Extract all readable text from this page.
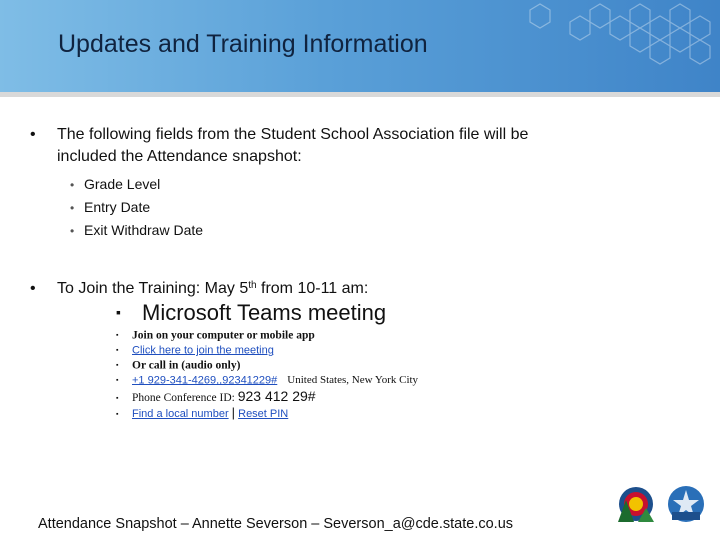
Updates and Training Information
• The following fields from the Student School Association file will be
included the Attendance snapshot:
• Grade Level
• Entry Date
• Exit Withdraw Date
• To Join the Training: May 5th from 10-11 am:
▪ Microsoft Teams meeting
▪ Join on your computer or mobile app
▪ Click here to join the meeting
▪ Or call in (audio only)
▪ +1 929-341-4269,,92341229# United States, New York City
▪ Phone Conference ID: 923 412 29#
▪ Find a local number | Reset PIN
Attendance Snapshot – Annette Severson – Severson_a@cde.state.co.us
